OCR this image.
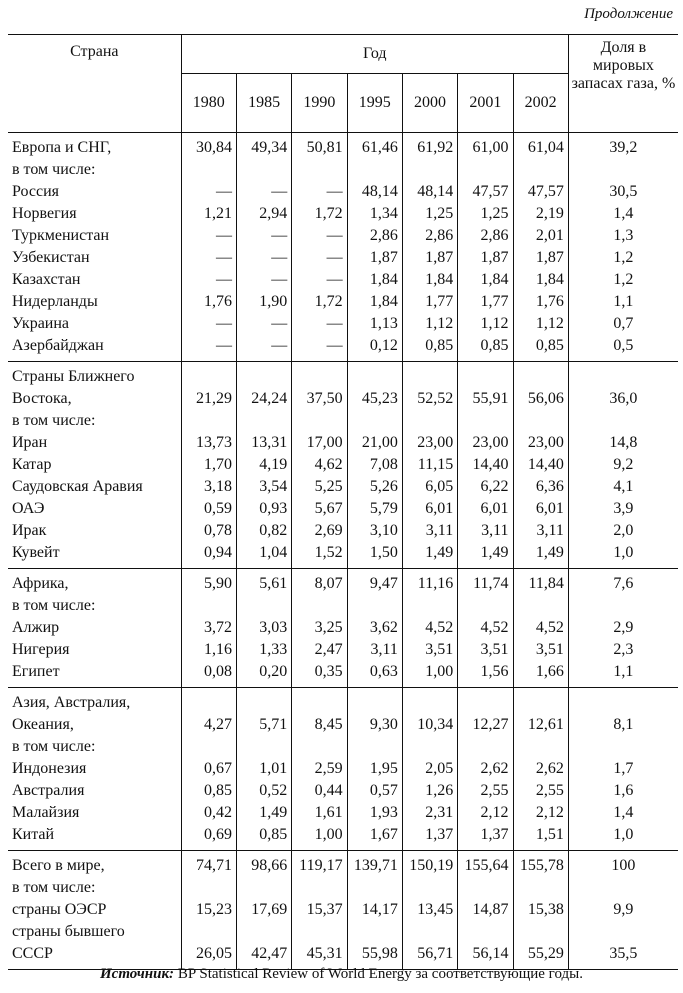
Продолжение
Страна	Год							Доля в мировых запасах газа, %
	1980	1985	1990	1995	2000	2001	2002	
Европа и СНГ,	30,84	49,34	50,81	61,46	61,92	61,00	61,04	39,2
в том числе:								
Россия	—	—	—	48,14	48,14	47,57	47,57	30,5
Норвегия	1,21	2,94	1,72	1,34	1,25	1,25	2,19	1,4
Туркменистан	—	—	—	2,86	2,86	2,86	2,01	1,3
Узбекистан	—	—	—	1,87	1,87	1,87	1,87	1,2
Казахстан	—	—	—	1,84	1,84	1,84	1,84	1,2
Нидерланды	1,76	1,90	1,72	1,84	1,77	1,77	1,76	1,1
Украина	—	—	—	1,13	1,12	1,12	1,12	0,7
Азербайджан	—	—	—	0,12	0,85	0,85	0,85	0,5
Страны Ближнего								
Востока,	21,29	24,24	37,50	45,23	52,52	55,91	56,06	36,0
в том числе:								
Иран	13,73	13,31	17,00	21,00	23,00	23,00	23,00	14,8
Катар	1,70	4,19	4,62	7,08	11,15	14,40	14,40	9,2
Саудовская Аравия	3,18	3,54	5,25	5,26	6,05	6,22	6,36	4,1
ОАЭ	0,59	0,93	5,67	5,79	6,01	6,01	6,01	3,9
Ирак	0,78	0,82	2,69	3,10	3,11	3,11	3,11	2,0
Кувейт	0,94	1,04	1,52	1,50	1,49	1,49	1,49	1,0
Африка,	5,90	5,61	8,07	9,47	11,16	11,74	11,84	7,6
в том числе:								
Алжир	3,72	3,03	3,25	3,62	4,52	4,52	4,52	2,9
Нигерия	1,16	1,33	2,47	3,11	3,51	3,51	3,51	2,3
Египет	0,08	0,20	0,35	0,63	1,00	1,56	1,66	1,1
Азия, Австралия,								
Океания,	4,27	5,71	8,45	9,30	10,34	12,27	12,61	8,1
в том числе:								
Индонезия	0,67	1,01	2,59	1,95	2,05	2,62	2,62	1,7
Австралия	0,85	0,52	0,44	0,57	1,26	2,55	2,55	1,6
Малайзия	0,42	1,49	1,61	1,93	2,31	2,12	2,12	1,4
Китай	0,69	0,85	1,00	1,67	1,37	1,37	1,51	1,0
Всего в мире,	74,71	98,66	119,17	139,71	150,19	155,64	155,78	100
в том числе:								
страны ОЭСР	15,23	17,69	15,37	14,17	13,45	14,87	15,38	9,9
страны бывшего								
СССР	26,05	42,47	45,31	55,98	56,71	56,14	55,29	35,5
Источник: BP Statistical Review of World Energy за соответствующие годы.
